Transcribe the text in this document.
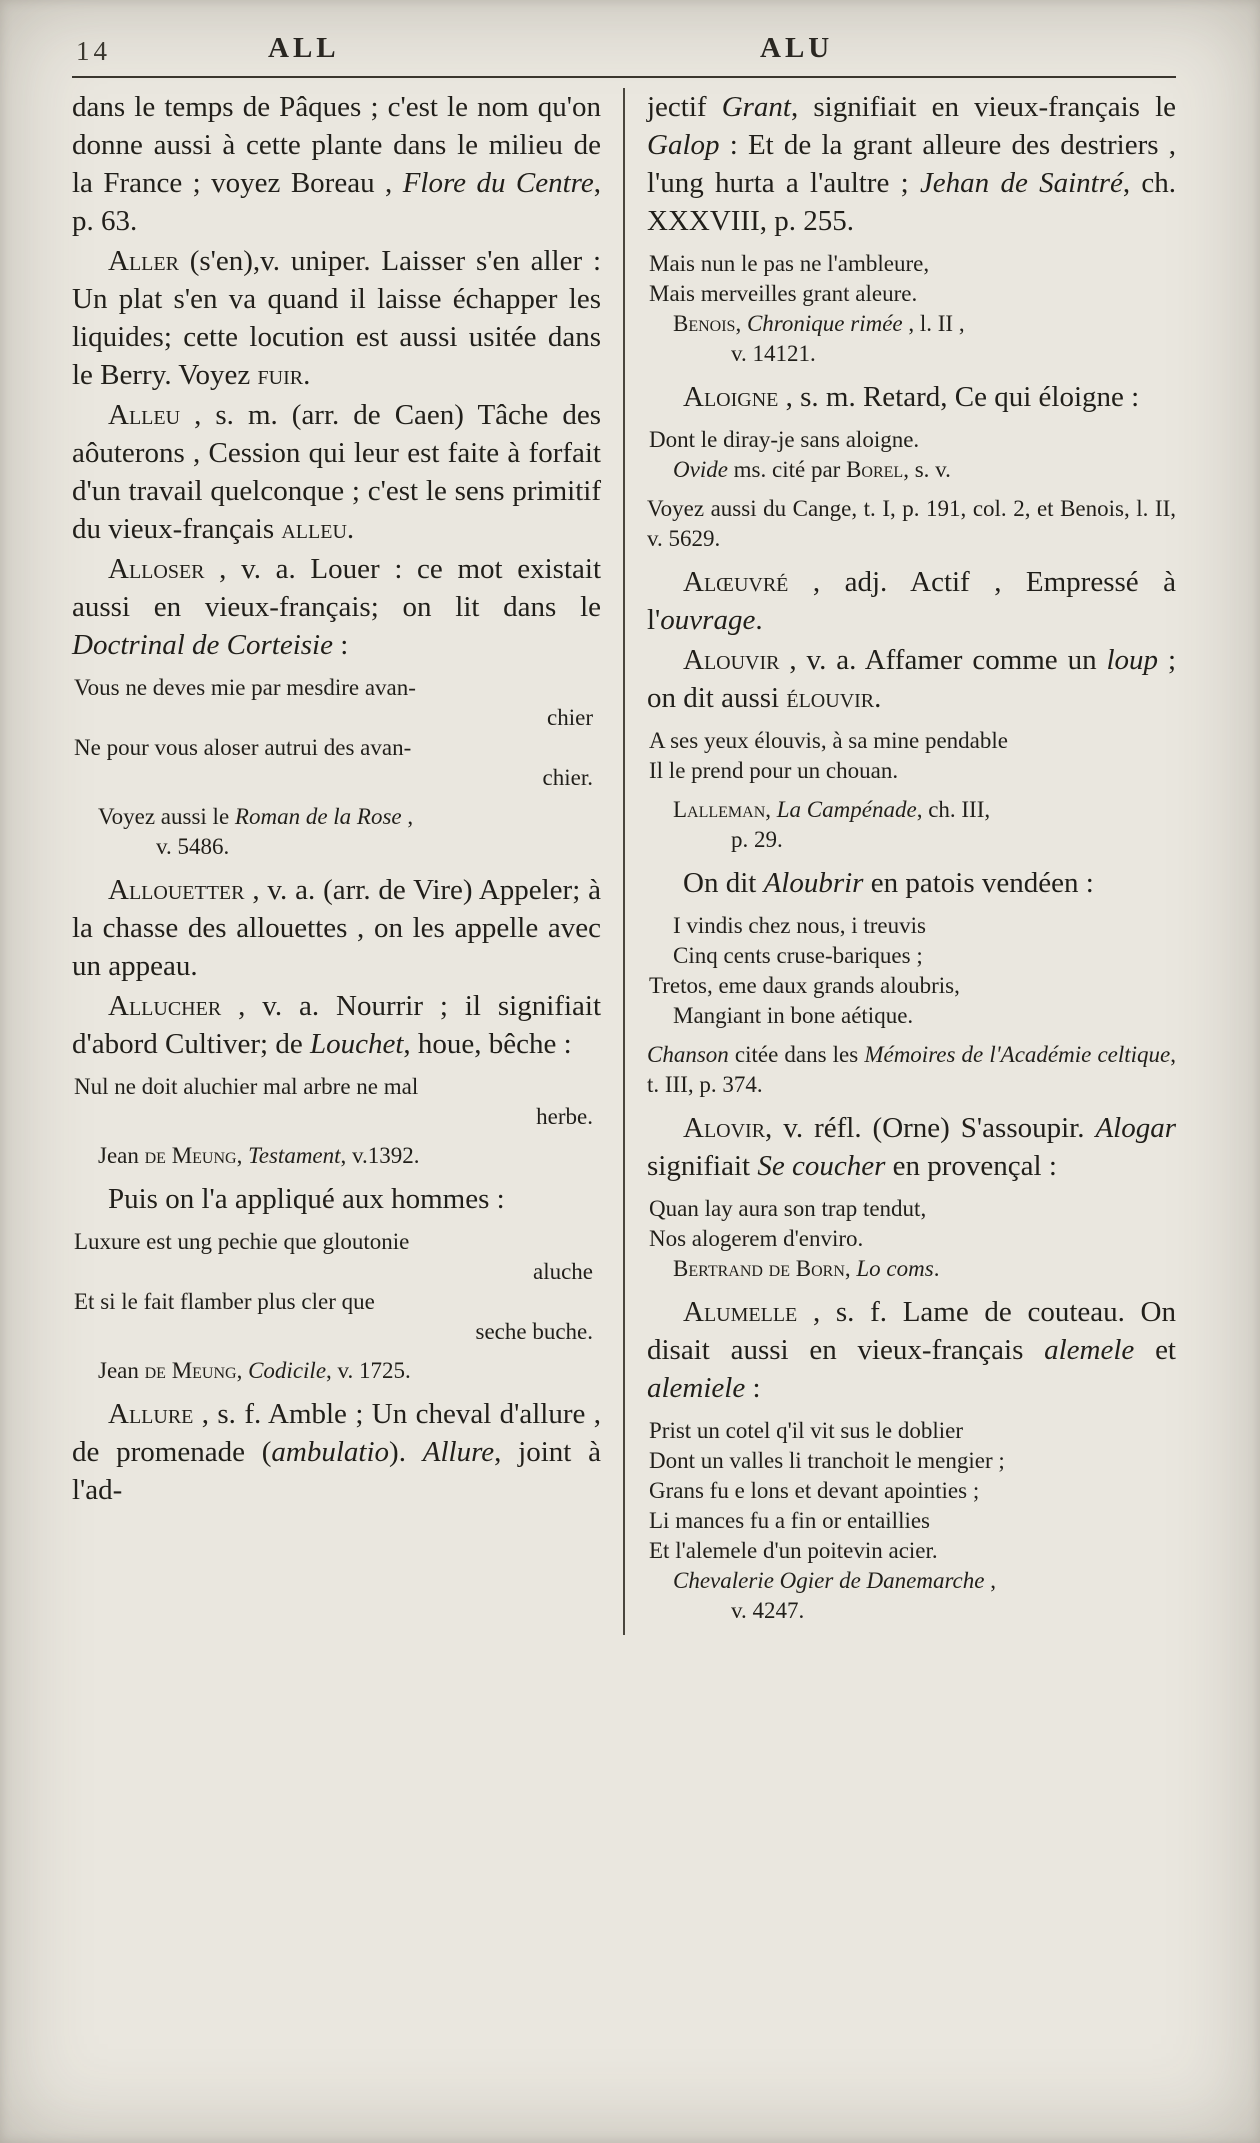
14	ALL	ALU
dans le temps de Pâques ; c'est le nom qu'on donne aussi à cette plante dans le milieu de la France ; voyez Boreau , Flore du Centre, p. 63.
Aller (s'en),v. uniper. Laisser s'en aller : Un plat s'en va quand il laisse échapper les liquides; cette locution est aussi usitée dans le Berry. Voyez fuir.
Alleu , s. m. (arr. de Caen) Tâche des aôuterons , Cession qui leur est faite à forfait d'un travail quelconque ; c'est le sens primitif du vieux-français alleu.
Alloser , v. a. Louer : ce mot existait aussi en vieux-français; on lit dans le Doctrinal de Corteisie :
Vous ne deves mie par mesdire avan-
chier
Ne pour vous aloser autrui des avan-
chier.
Voyez aussi le Roman de la Rose ,
v. 5486.
Allouetter , v. a. (arr. de Vire) Appeler; à la chasse des allouettes , on les appelle avec un appeau.
Allucher , v. a. Nourrir ; il signifiait d'abord Cultiver; de Louchet, houe, bêche :
Nul ne doit aluchier mal arbre ne mal
herbe.
Jean de Meung, Testament, v.1392.
Puis on l'a appliqué aux hommes :
Luxure est ung pechie que gloutonie
aluche
Et si le fait flamber plus cler que
seche buche.
Jean de Meung, Codicile, v. 1725.
Allure , s. f. Amble ; Un cheval d'allure , de promenade (ambulatio). Allure, joint à l'ad-
jectif Grant, signifiait en vieux-français le Galop : Et de la grant alleure des destriers , l'ung hurta a l'aultre ; Jehan de Saintré, ch. XXXVIII, p. 255.
Mais nun le pas ne l'ambleure,
Mais merveilles grant aleure.
Benois, Chronique rimée , l. II ,
v. 14121.
Aloigne , s. m. Retard, Ce qui éloigne :
Dont le diray-je sans aloigne.
Ovide ms. cité par Borel, s. v.
Voyez aussi du Cange, t. I, p. 191, col. 2, et Benois, l. II, v. 5629.
Alœuvré , adj. Actif , Empressé à l'ouvrage.
Alouvir , v. a. Affamer comme un loup ; on dit aussi élouvir.
A ses yeux élouvis, à sa mine pendable
Il le prend pour un chouan.
Lalleman, La Campénade, ch. III,
p. 29.
On dit Aloubrir en patois vendéen :
I vindis chez nous, i treuvis
Cinq cents cruse-bariques ;
Tretos, eme daux grands aloubris,
Mangiant in bone aétique.
Chanson citée dans les Mémoires de l'Académie celtique, t. III, p. 374.
Alovir, v. réfl. (Orne) S'assoupir. Alogar signifiait Se coucher en provençal :
Quan lay aura son trap tendut,
Nos alogerem d'enviro.
Bertrand de Born, Lo coms.
Alumelle , s. f. Lame de couteau. On disait aussi en vieux-français alemele et alemiele :
Prist un cotel q'il vit sus le doblier
Dont un valles li tranchoit le mengier ;
Grans fu e lons et devant apointies ;
Li mances fu a fin or entaillies
Et l'alemele d'un poitevin acier.
Chevalerie Ogier de Danemarche ,
v. 4247.
